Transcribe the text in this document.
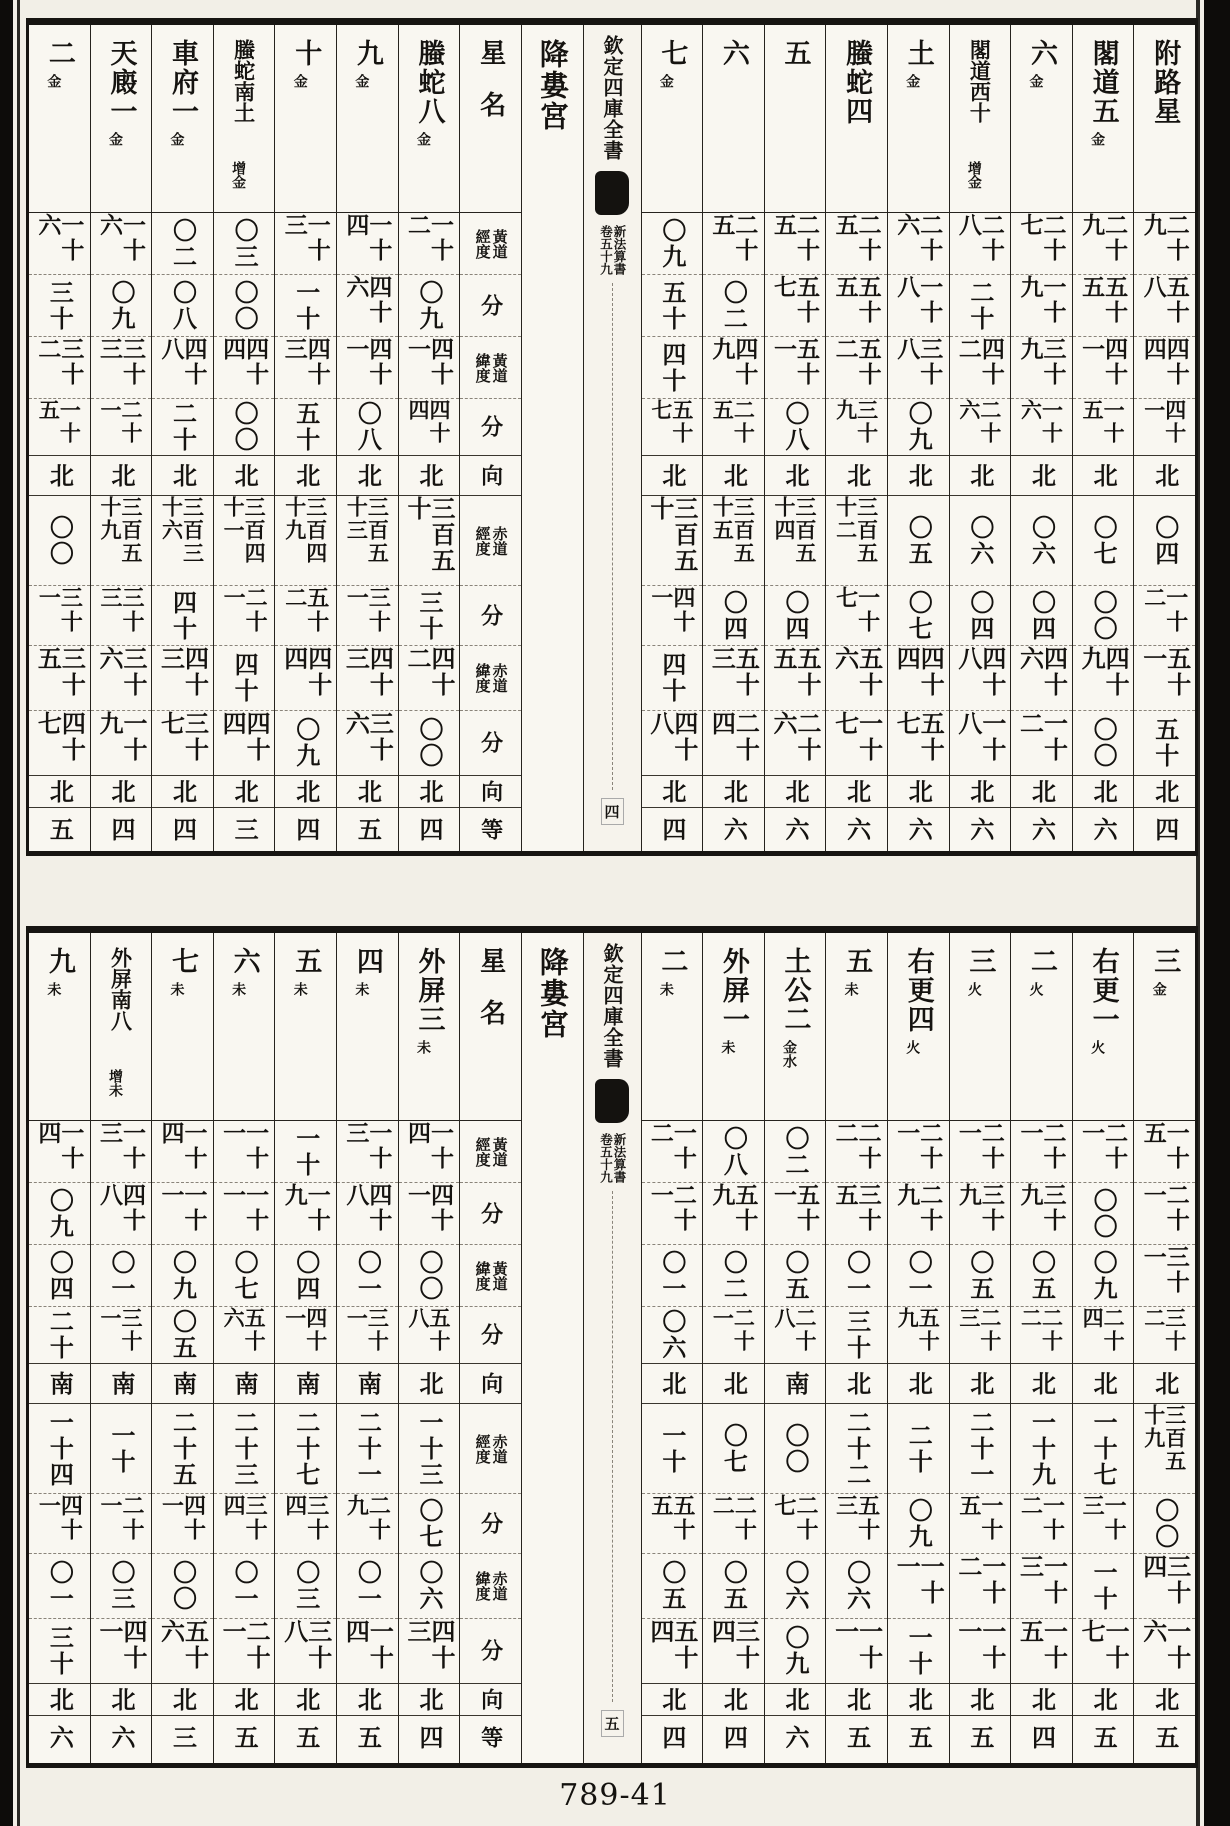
附路星
二十九
五十八
四十四
四十一
北
〇四
一十二
五十一
五十
北
四
閣道五
金
二十九
五十五
四十一
一十五
北
〇七
〇〇
四十九
〇〇
北
六
六
金
二十七
一十九
三十九
一十六
北
〇六
〇四
四十六
一十二
北
六
閣道西十
增金
二十八
二十
四十二
二十六
北
〇六
〇四
四十八
一十八
北
六
土
金
二十六
一十八
三十八
〇九
北
〇五
〇七
四十四
五十七
北
六
螣蛇四
二十五
五十五
五十二
三十九
北
三百五十二
一十七
五十六
一十七
北
六
五
二十五
五十七
五十一
〇八
北
三百五十四
〇四
五十五
二十六
北
六
六
二十五
〇二
四十九
二十五
北
三百五十五
〇四
五十三
二十四
北
六
七
金
〇九
五十
四十
五十七
北
三百五十
四十一
四十
四十八
北
四
欽定四庫全書
新法算書
卷五十九
四
降婁宮
星名
黃道
經度
分
黃道
緯度
分
向
赤道
經度
分
赤道
緯度
分
向
等
螣蛇八
金
一十二
〇九
四十一
四十四
北
三百五十
三十
四十二
〇〇
北
四
九
金
一十四
四十六
四十一
〇八
北
三百五十三
三十一
四十三
三十六
北
五
十
金
一十三
一十
四十三
五十
北
三百四十九
五十二
四十四
〇九
北
四
螣蛇南土
增金
〇三
〇〇
四十四
〇〇
北
三百四十一
二十一
四十
四十四
北
三
車府一
金
〇二
〇八
四十八
二十
北
三百三十六
四十
四十三
三十七
北
四
天廄一
金
一十六
〇九
三十三
二十一
北
三百五十九
三十三
三十六
一十九
北
四
二
金
一十六
三十
三十二
一十五
北
〇〇
三十一
三十五
四十七
北
五
三
金
一十五
二十一
三十一
三十二
北
三百五十九
〇〇
三十四
一十六
北
五
右更一
火
二十一
〇〇
〇九
二十四
北
一十七
一十三
一十
一十七
北
五
二
火
二十一
三十九
〇五
二十二
北
一十九
一十二
一十三
一十五
北
四
三
火
二十一
三十九
〇五
二十三
北
二十一
一十五
一十二
一十一
北
五
右更四
火
二十一
二十九
〇一
五十九
北
二十
〇九
一十一
一十
北
五
五
未
二十二
三十五
〇一
三十
北
二十二
五十三
〇六
一十一
北
五
土公二
金水
〇二
五十一
〇五
二十八
南
〇〇
二十七
〇六
〇九
北
六
外屏一
未
〇八
五十九
〇二
二十一
北
〇七
二十二
〇五
三十四
北
四
二
未
一十二
二十一
〇一
〇六
北
一十
五十五
〇五
五十四
北
四
欽定四庫全書
新法算書
卷五十九
五
降婁宮
星名
黃道
經度
分
黃道
緯度
分
向
赤道
經度
分
赤道
緯度
分
向
等
外屏三
未
一十四
四十一
〇〇
五十八
北
一十三
〇七
〇六
四十三
北
四
四
未
一十三
四十八
〇一
三十一
南
二十一
二十九
〇一
一十四
北
五
五
未
一十
一十九
〇四
四十一
南
二十七
三十四
〇三
三十八
北
五
六
未
一十一
一十一
〇七
五十六
南
二十三
三十四
〇一
二十一
北
五
七
未
一十四
一十一
〇九
〇五
南
二十五
四十一
〇〇
五十六
北
三
外屏南八
增未
一十三
四十八
〇一
三十一
南
一十
二十一
〇三
四十一
北
六
九
未
一十四
〇九
〇四
二十
南
一十四
四十一
〇一
三十
北
六
789-41
